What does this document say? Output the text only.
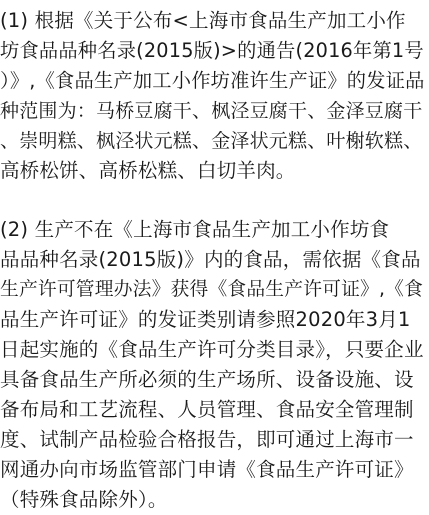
(1) 根据《关于公布<上海市食品生产加工小作
坊食品品种名录(2015版)>的通告(2016年第1号
）》,《食品生产加工小作坊准许生产证》的发证品
种范围为：马桥豆腐干、枫泾豆腐干、金泽豆腐干
、崇明糕、枫泾状元糕、金泽状元糕、叶榭软糕、
高桥松饼、高桥松糕、白切羊肉。
(2) 生产不在《上海市食品生产加工小作坊食
品品种名录(2015版)》内的食品，需依据《食品
生产许可管理办法》获得《食品生产许可证》,《食
品生产许可证》的发证类别请参照2020年3月1
日起实施的《食品生产许可分类目录》，只要企业
具备食品生产所必须的生产场所、设备设施、设
备布局和工艺流程、人员管理、食品安全管理制
度、试制产品检验合格报告，即可通过上海市一
网通办向市场监管部门申请《食品生产许可证》
（特殊食品除外）。
